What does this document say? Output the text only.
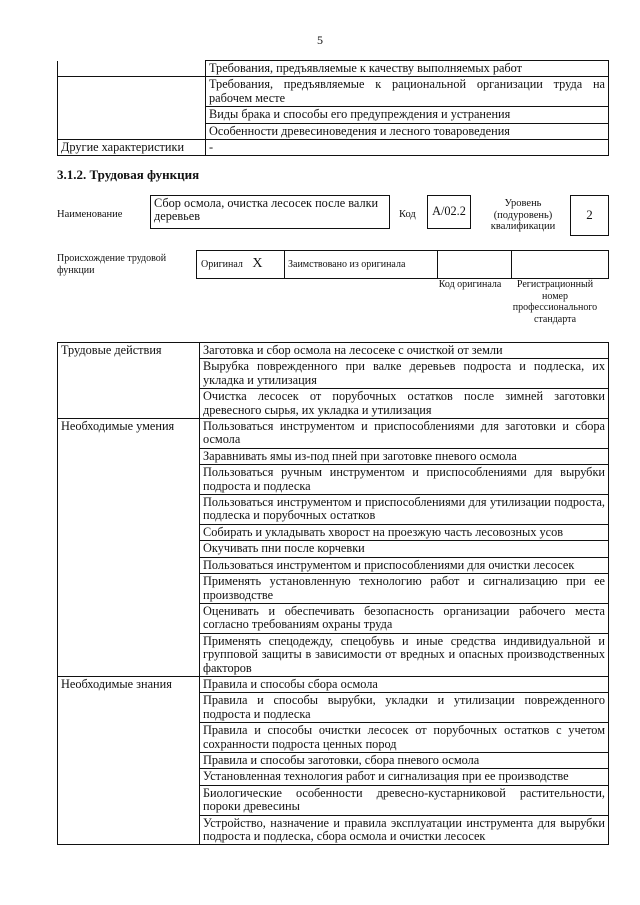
5
	Требования, предъявляемые к качеству выполняемых работ
	Требования, предъявляемые к рациональной организации труда на рабочем месте
	Виды брака и способы его предупреждения и устранения
	Особенности древесиноведения и лесного товароведения
Другие характеристики	-
3.1.2. Трудовая функция
Наименование
Сбор осмола, очистка лесосек после валки деревьев	Код	А/02.2
Уровень (подуровень) квалификации
2
Происхождение трудовой функции	Оригинал Х	Заимствовано из оригинала		
Код оригинала	Регистрационный номер профессионального стандарта
Трудовые действия	Заготовка и сбор осмола на лесосеке с очисткой от земли
	Вырубка поврежденного при валке деревьев подроста и подлеска, их укладка и утилизация
	Очистка лесосек от порубочных остатков после зимней заготовки древесного сырья, их укладка и утилизация
Необходимые умения	Пользоваться инструментом и приспособлениями для заготовки и сбора осмола
	Заравнивать ямы из-под пней при заготовке пневого осмола
	Пользоваться ручным инструментом и приспособлениями для вырубки подроста и подлеска
	Пользоваться инструментом и приспособлениями для утилизации подроста, подлеска и порубочных остатков
	Собирать и укладывать хворост на проезжую часть лесовозных усов
	Окучивать пни после корчевки
	Пользоваться инструментом и приспособлениями для очистки лесосек
	Применять установленную технологию работ и сигнализацию при ее производстве
	Оценивать и обеспечивать безопасность организации рабочего места согласно требованиям охраны труда
	Применять спецодежду, спецобувь и иные средства индивидуальной и групповой защиты в зависимости от вредных и опасных производственных факторов
Необходимые знания	Правила и способы сбора осмола
	Правила и способы вырубки, укладки и утилизации поврежденного подроста и подлеска
	Правила и способы очистки лесосек от порубочных остатков с учетом сохранности подроста ценных пород
	Правила и способы заготовки, сбора пневого осмола
	Установленная технология работ и сигнализация при ее производстве
	Биологические особенности древесно-кустарниковой растительности, пороки древесины
	Устройство, назначение и правила эксплуатации инструмента для вырубки подроста и подлеска, сбора осмола и очистки лесосек
